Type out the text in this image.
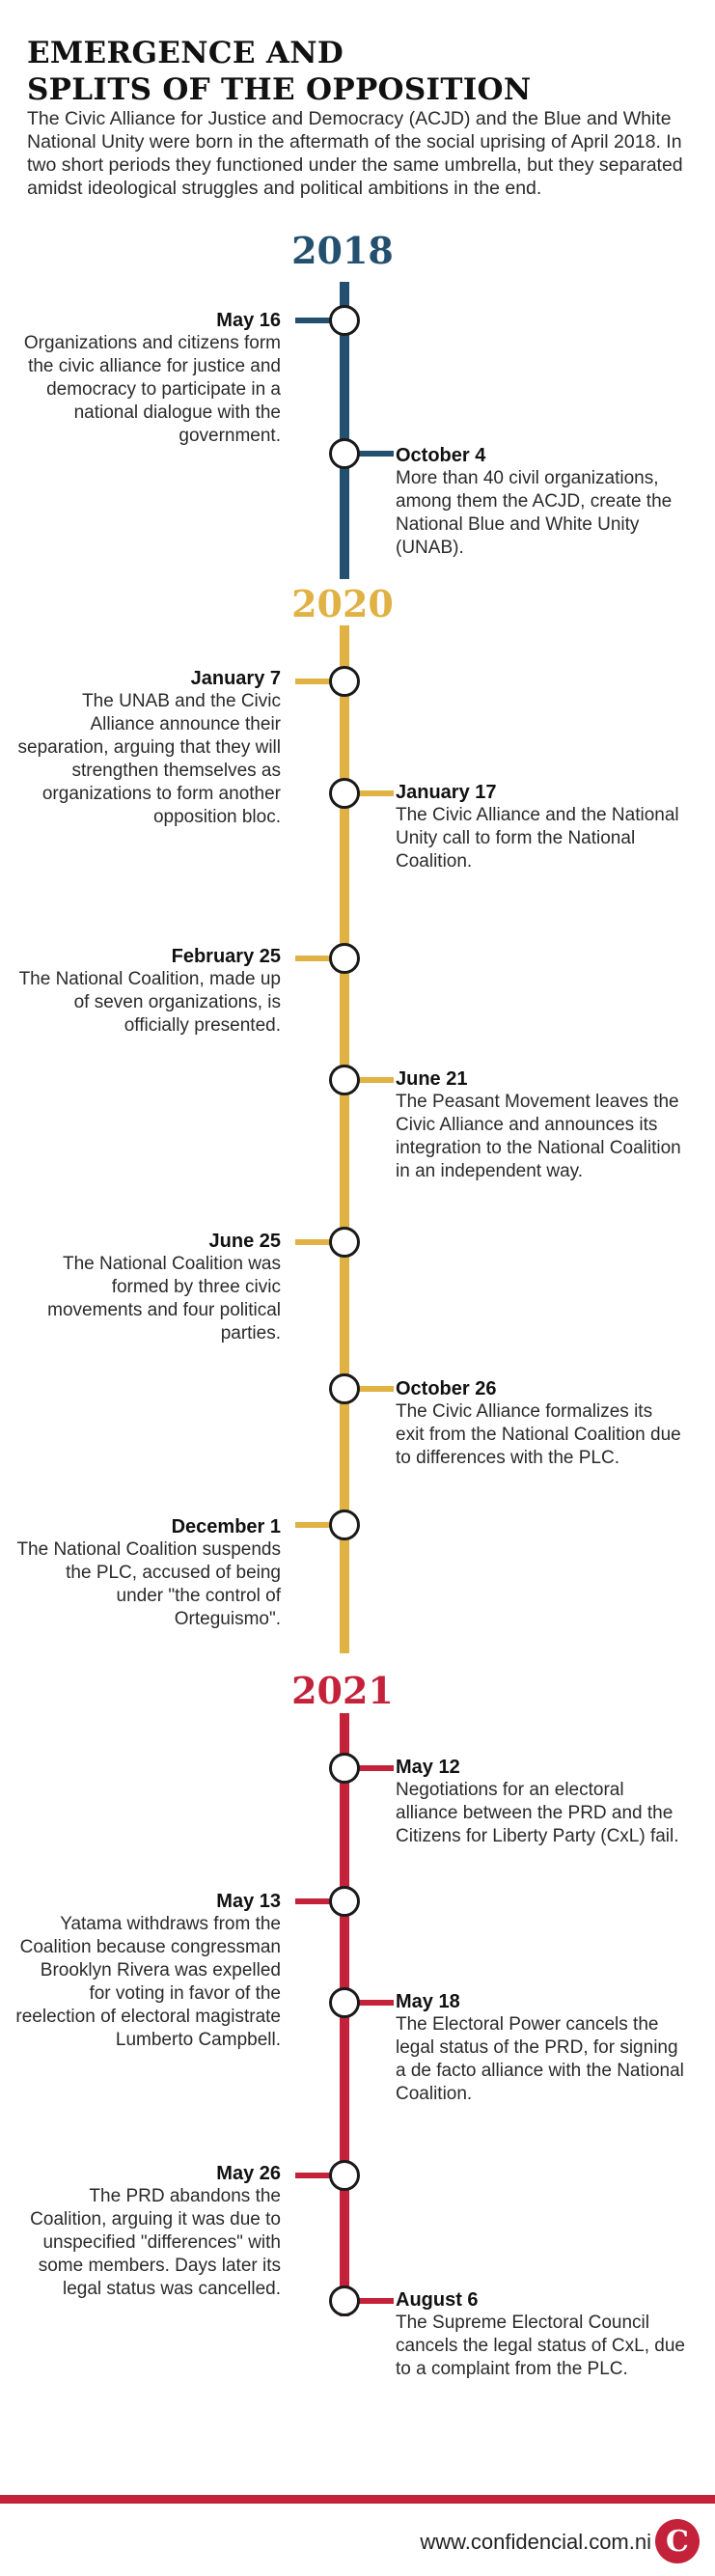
EMERGENCE AND
SPLITS OF THE OPPOSITION

The Civic Alliance for Justice and Democracy (ACJD) and the Blue and White National Unity were born in the aftermath of the social uprising of April 2018. In two short periods they functioned under the same umbrella, but they separated amidst ideological struggles and political ambitions in the end.

2018
May 16
Organizations and citizens form the civic alliance for justice and democracy to participate in a national dialogue with the government.
October 4
More than 40 civil organizations, among them the ACJD, create the National Blue and White Unity (UNAB).
2020
January 7
The UNAB and the Civic Alliance announce their separation, arguing that they will strengthen themselves as organizations to form another opposition bloc.
January 17
The Civic Alliance and the National Unity call to form the National Coalition.
February 25
The National Coalition, made up of seven organizations, is officially presented.
June 21
The Peasant Movement leaves the Civic Alliance and announces its integration to the National Coalition in an independent way.
June 25
The National Coalition was formed by three civic movements and four political parties.
October 26
The Civic Alliance formalizes its exit from the National Coalition due to differences with the PLC.
December 1
The National Coalition suspends the PLC, accused of being under "the control of Orteguismo".
2021
May 12
Negotiations for an electoral alliance between the PRD and the Citizens for Liberty Party (CxL) fail.
May 13
Yatama withdraws from the Coalition because congressman Brooklyn Rivera was expelled for voting in favor of the reelection of electoral magistrate Lumberto Campbell.
May 18
The Electoral Power cancels the legal status of the PRD, for signing a de facto alliance with the National Coalition.
May 26
The PRD abandons the Coalition, arguing it was due to unspecified "differences" with some members. Days later its legal status was cancelled.
August 6
The Supreme Electoral Council cancels the legal status of CxL, due to a complaint from the PLC.
www.confidencial.com.ni C
